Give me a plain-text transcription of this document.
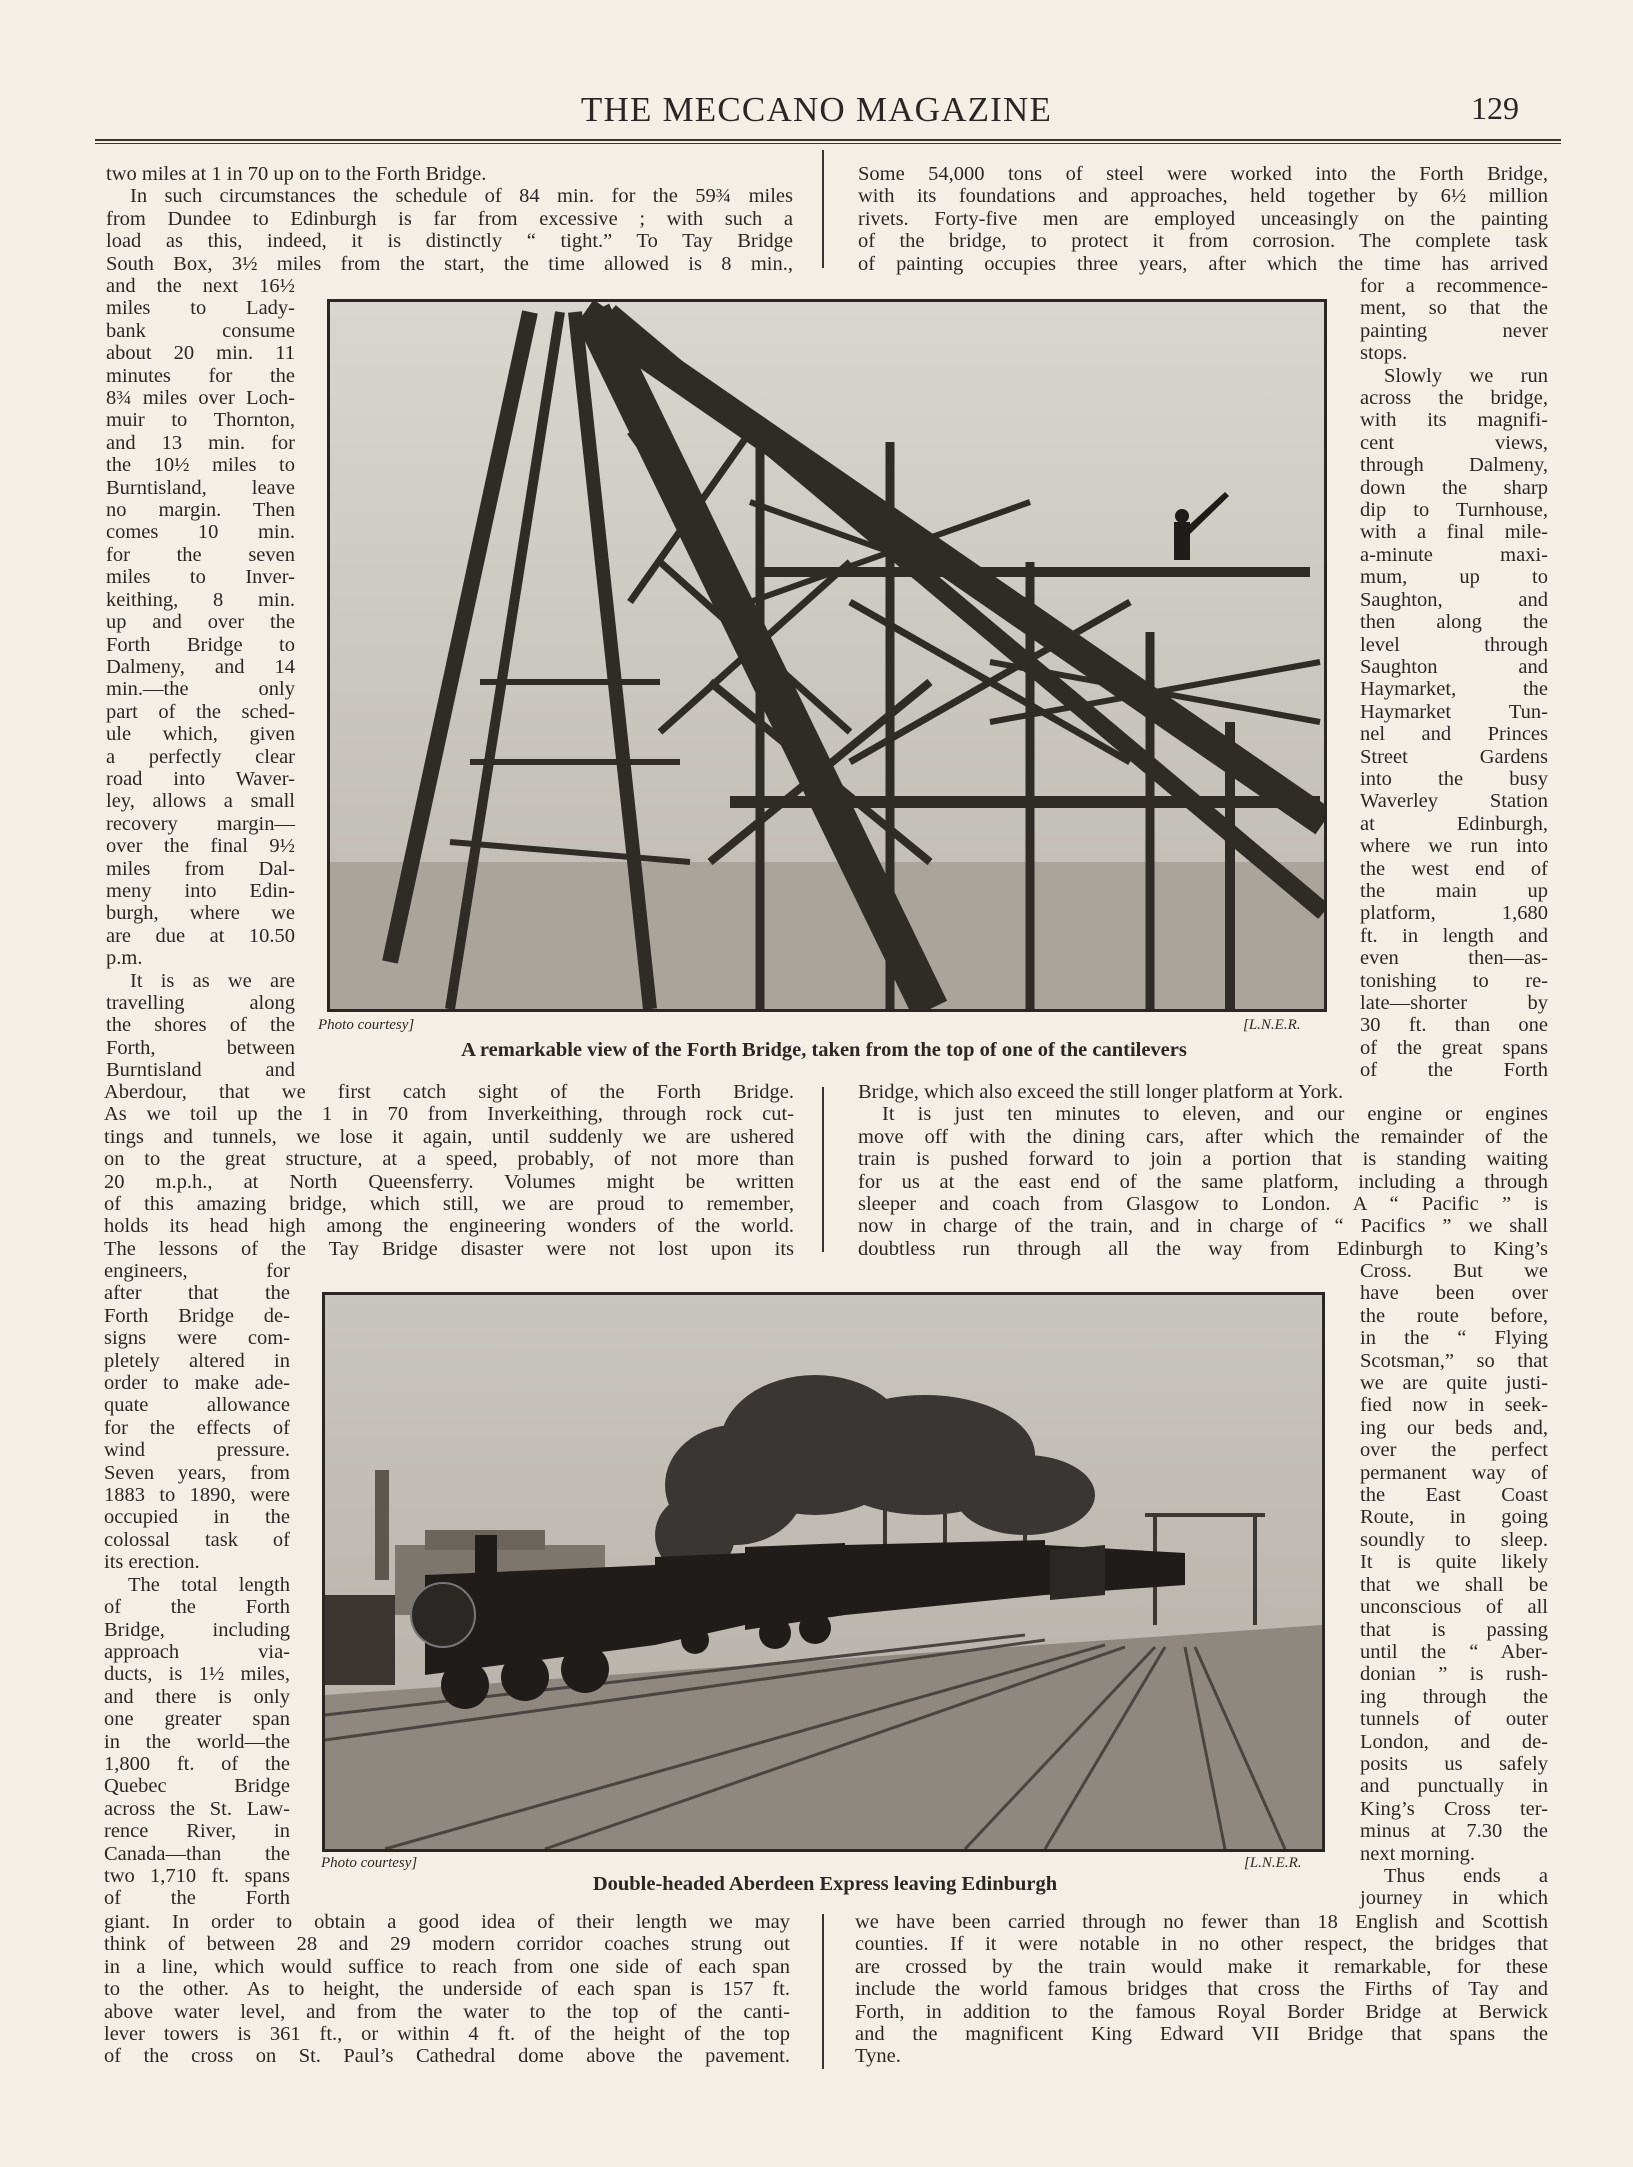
THE MECCANO MAGAZINE	129
two miles at 1 in 70 up on to the Forth Bridge.
In such circumstances the schedule of 84 min. for the 59¾ miles
from Dundee to Edinburgh is far from excessive ; with such a
load as this, indeed, it is distinctly “ tight.” To Tay Bridge
South Box, 3½ miles from the start, the time allowed is 8 min.,
Some 54,000 tons of steel were worked into the Forth Bridge,
with its foundations and approaches, held together by 6½ million
rivets. Forty-five men are employed unceasingly on the painting
of the bridge, to protect it from corrosion. The complete task
of painting occupies three years, after which the time has arrived
and the next 16½
miles to Lady-
bank consume
about 20 min. 11
minutes for the
8¾ miles over Loch-
muir to Thornton,
and 13 min. for
the 10½ miles to
Burntisland, leave
no margin. Then
comes 10 min.
for the seven
miles to Inver-
keithing, 8 min.
up and over the
Forth Bridge to
Dalmeny, and 14
min.—the only
part of the sched-
ule which, given
a perfectly clear
road into Waver-
ley, allows a small
recovery margin—
over the final 9½
miles from Dal-
meny into Edin-
burgh, where we
are due at 10.50
p.m.
It is as we are
travelling along
the shores of the
Forth, between
Burntisland and
for a recommence-
ment, so that the
painting never
stops.
Slowly we run
across the bridge,
with its magnifi-
cent views,
through Dalmeny,
down the sharp
dip to Turnhouse,
with a final mile-
a-minute maxi-
mum, up to
Saughton, and
then along the
level through
Saughton and
Haymarket, the
Haymarket Tun-
nel and Princes
Street Gardens
into the busy
Waverley Station
at Edinburgh,
where we run into
the west end of
the main up
platform, 1,680
ft. in length and
even then—as-
tonishing to re-
late—shorter by
30 ft. than one
of the great spans
of the Forth
Photo courtesy]	[L.N.E.R.
A remarkable view of the Forth Bridge, taken from the top of one of the cantilevers
Aberdour, that we first catch sight of the Forth Bridge.
As we toil up the 1 in 70 from Inverkeithing, through rock cut-
tings and tunnels, we lose it again, until suddenly we are ushered
on to the great structure, at a speed, probably, of not more than
20 m.p.h., at North Queensferry. Volumes might be written
of this amazing bridge, which still, we are proud to remember,
holds its head high among the engineering wonders of the world.
The lessons of the Tay Bridge disaster were not lost upon its
Bridge, which also exceed the still longer platform at York.
It is just ten minutes to eleven, and our engine or engines
move off with the dining cars, after which the remainder of the
train is pushed forward to join a portion that is standing waiting
for us at the east end of the same platform, including a through
sleeper and coach from Glasgow to London. A “ Pacific ” is
now in charge of the train, and in charge of “ Pacifics ” we shall
doubtless run through all the way from Edinburgh to King’s
engineers, for
after that the
Forth Bridge de-
signs were com-
pletely altered in
order to make ade-
quate allowance
for the effects of
wind pressure.
Seven years, from
1883 to 1890, were
occupied in the
colossal task of
its erection.
The total length
of the Forth
Bridge, including
approach via-
ducts, is 1½ miles,
and there is only
one greater span
in the world—the
1,800 ft. of the
Quebec Bridge
across the St. Law-
rence River, in
Canada—than the
two 1,710 ft. spans
of the Forth
Cross. But we
have been over
the route before,
in the “ Flying
Scotsman,” so that
we are quite justi-
fied now in seek-
ing our beds and,
over the perfect
permanent way of
the East Coast
Route, in going
soundly to sleep.
It is quite likely
that we shall be
unconscious of all
that is passing
until the “ Aber-
donian ” is rush-
ing through the
tunnels of outer
London, and de-
posits us safely
and punctually in
King’s Cross ter-
minus at 7.30 the
next morning.
Thus ends a
journey in which
Photo courtesy]	[L.N.E.R.
Double-headed Aberdeen Express leaving Edinburgh
giant. In order to obtain a good idea of their length we may
think of between 28 and 29 modern corridor coaches strung out
in a line, which would suffice to reach from one side of each span
to the other. As to height, the underside of each span is 157 ft.
above water level, and from the water to the top of the canti-
lever towers is 361 ft., or within 4 ft. of the height of the top
of the cross on St. Paul’s Cathedral dome above the pavement.
we have been carried through no fewer than 18 English and Scottish
counties. If it were notable in no other respect, the bridges that
are crossed by the train would make it remarkable, for these
include the world famous bridges that cross the Firths of Tay and
Forth, in addition to the famous Royal Border Bridge at Berwick
and the magnificent King Edward VII Bridge that spans the
Tyne.
